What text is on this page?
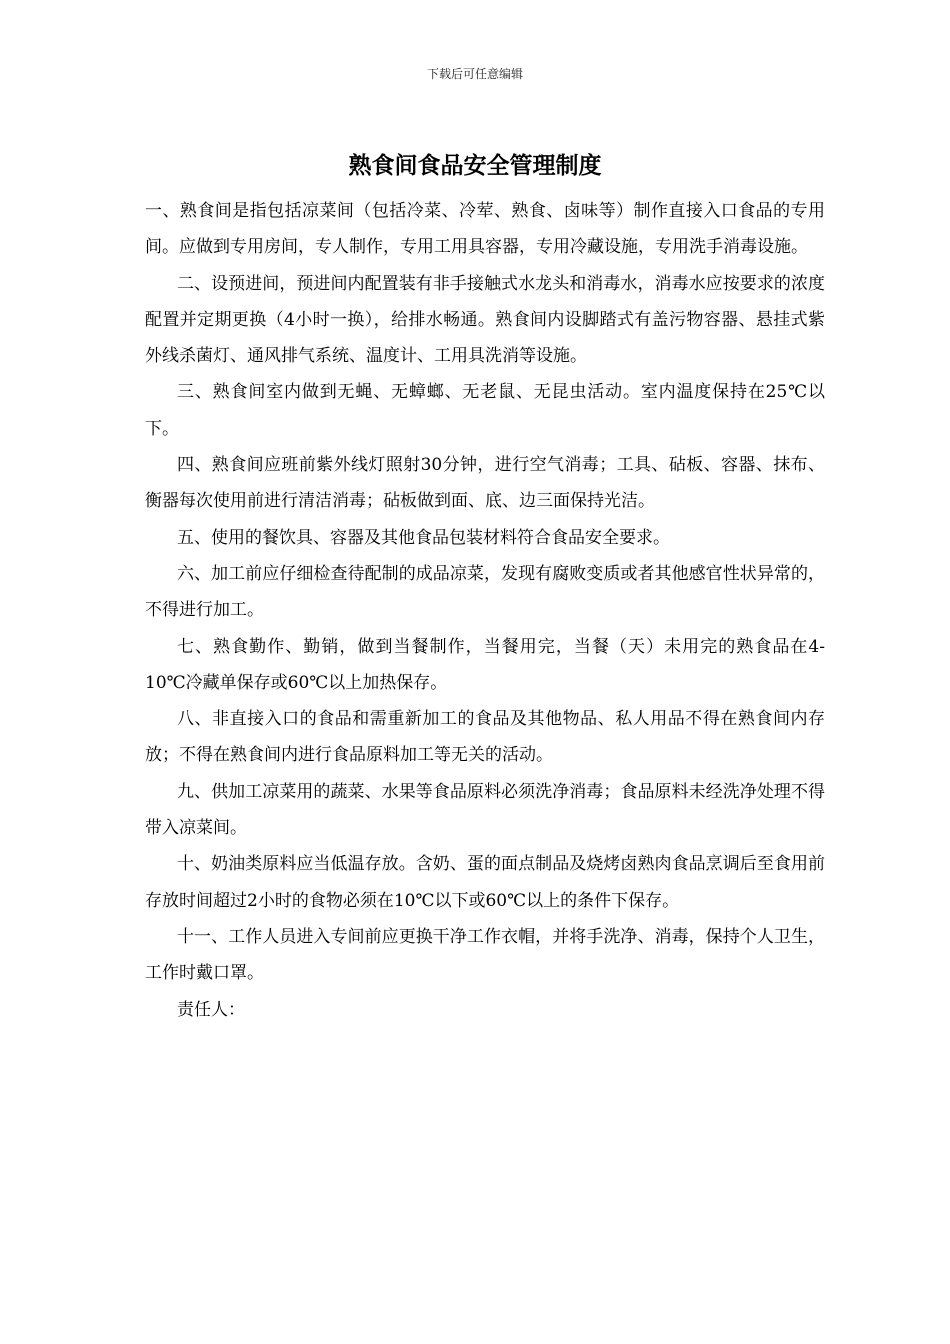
下载后可任意编辑
熟食间食品安全管理制度

一、熟食间是指包括凉菜间（包括冷菜、冷荤、熟食、卤味等）制作直接入口食品的专用间。应做到专用房间，专人制作，专用工用具容器，专用冷藏设施，专用洗手消毒设施。

二、设预进间，预进间内配置装有非手接触式水龙头和消毒水，消毒水应按要求的浓度配置并定期更换（4小时一换），给排水畅通。熟食间内设脚踏式有盖污物容器、悬挂式紫外线杀菌灯、通风排气系统、温度计、工用具洗消等设施。

三、熟食间室内做到无蝇、无蟑螂、无老鼠、无昆虫活动。室内温度保持在25℃以下。

四、熟食间应班前紫外线灯照射30分钟，进行空气消毒；工具、砧板、容器、抹布、衡器每次使用前进行清洁消毒；砧板做到面、底、边三面保持光洁。

五、使用的餐饮具、容器及其他食品包装材料符合食品安全要求。

六、加工前应仔细检查待配制的成品凉菜，发现有腐败变质或者其他感官性状异常的，不得进行加工。

七、熟食勤作、勤销，做到当餐制作，当餐用完，当餐（天）未用完的熟食品在4-10℃冷藏单保存或60℃以上加热保存。

八、非直接入口的食品和需重新加工的食品及其他物品、私人用品不得在熟食间内存放；不得在熟食间内进行食品原料加工等无关的活动。

九、供加工凉菜用的蔬菜、水果等食品原料必须洗净消毒；食品原料未经洗净处理不得带入凉菜间。

十、奶油类原料应当低温存放。含奶、蛋的面点制品及烧烤卤熟肉食品烹调后至食用前存放时间超过2小时的食物必须在10℃以下或60℃以上的条件下保存。

十一、工作人员进入专间前应更换干净工作衣帽，并将手洗净、消毒，保持个人卫生，工作时戴口罩。

责任人：
